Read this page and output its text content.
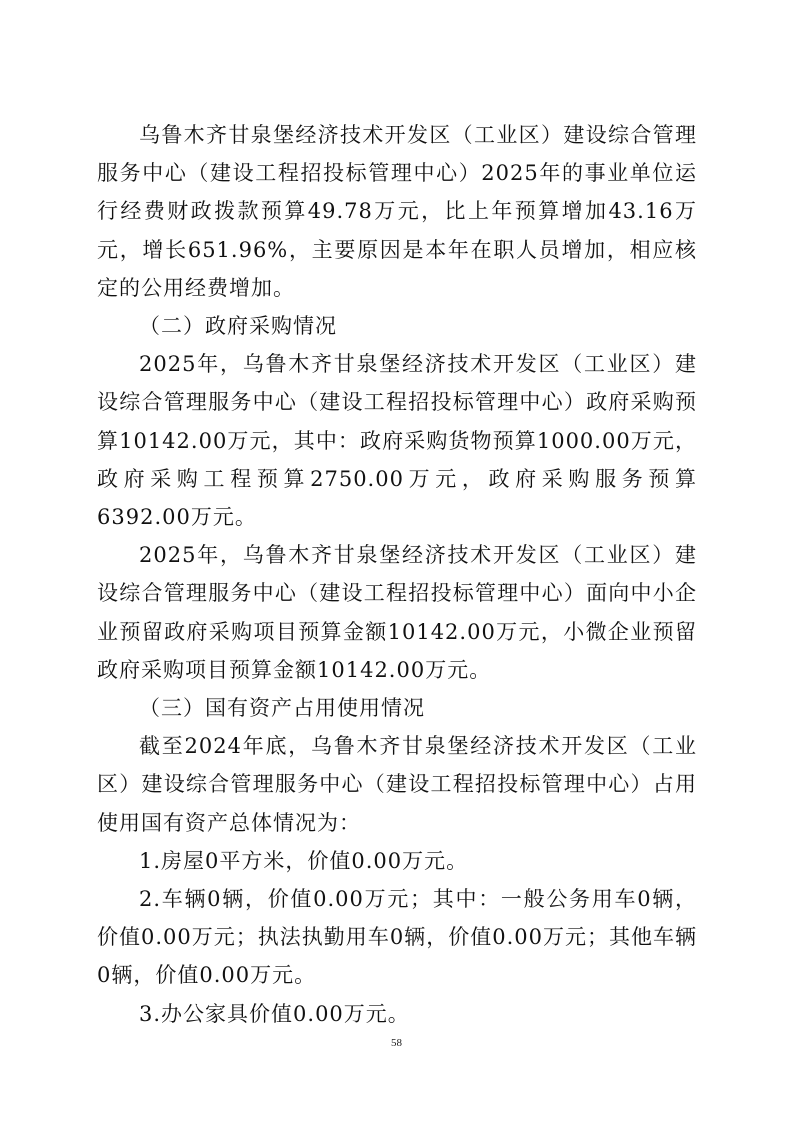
乌鲁木齐甘泉堡经济技术开发区（工业区）建设综合管理服务中心（建设工程招投标管理中心）2025年的事业单位运行经费财政拨款预算49.78万元，比上年预算增加43.16万元，增长651.96%，主要原因是本年在职人员增加，相应核定的公用经费增加。

（二）政府采购情况

2025年，乌鲁木齐甘泉堡经济技术开发区（工业区）建设综合管理服务中心（建设工程招投标管理中心）政府采购预算10142.00万元，其中：政府采购货物预算1000.00万元，政府采购工程预算2750.00万元，政府采购服务预算6392.00万元。

2025年，乌鲁木齐甘泉堡经济技术开发区（工业区）建设综合管理服务中心（建设工程招投标管理中心）面向中小企业预留政府采购项目预算金额10142.00万元，小微企业预留政府采购项目预算金额10142.00万元。

（三）国有资产占用使用情况

截至2024年底，乌鲁木齐甘泉堡经济技术开发区（工业区）建设综合管理服务中心（建设工程招投标管理中心）占用使用国有资产总体情况为：

1.房屋0平方米，价值0.00万元。

2.车辆0辆，价值0.00万元；其中：一般公务用车0辆，价值0.00万元；执法执勤用车0辆，价值0.00万元；其他车辆0辆，价值0.00万元。

3.办公家具价值0.00万元。

58
